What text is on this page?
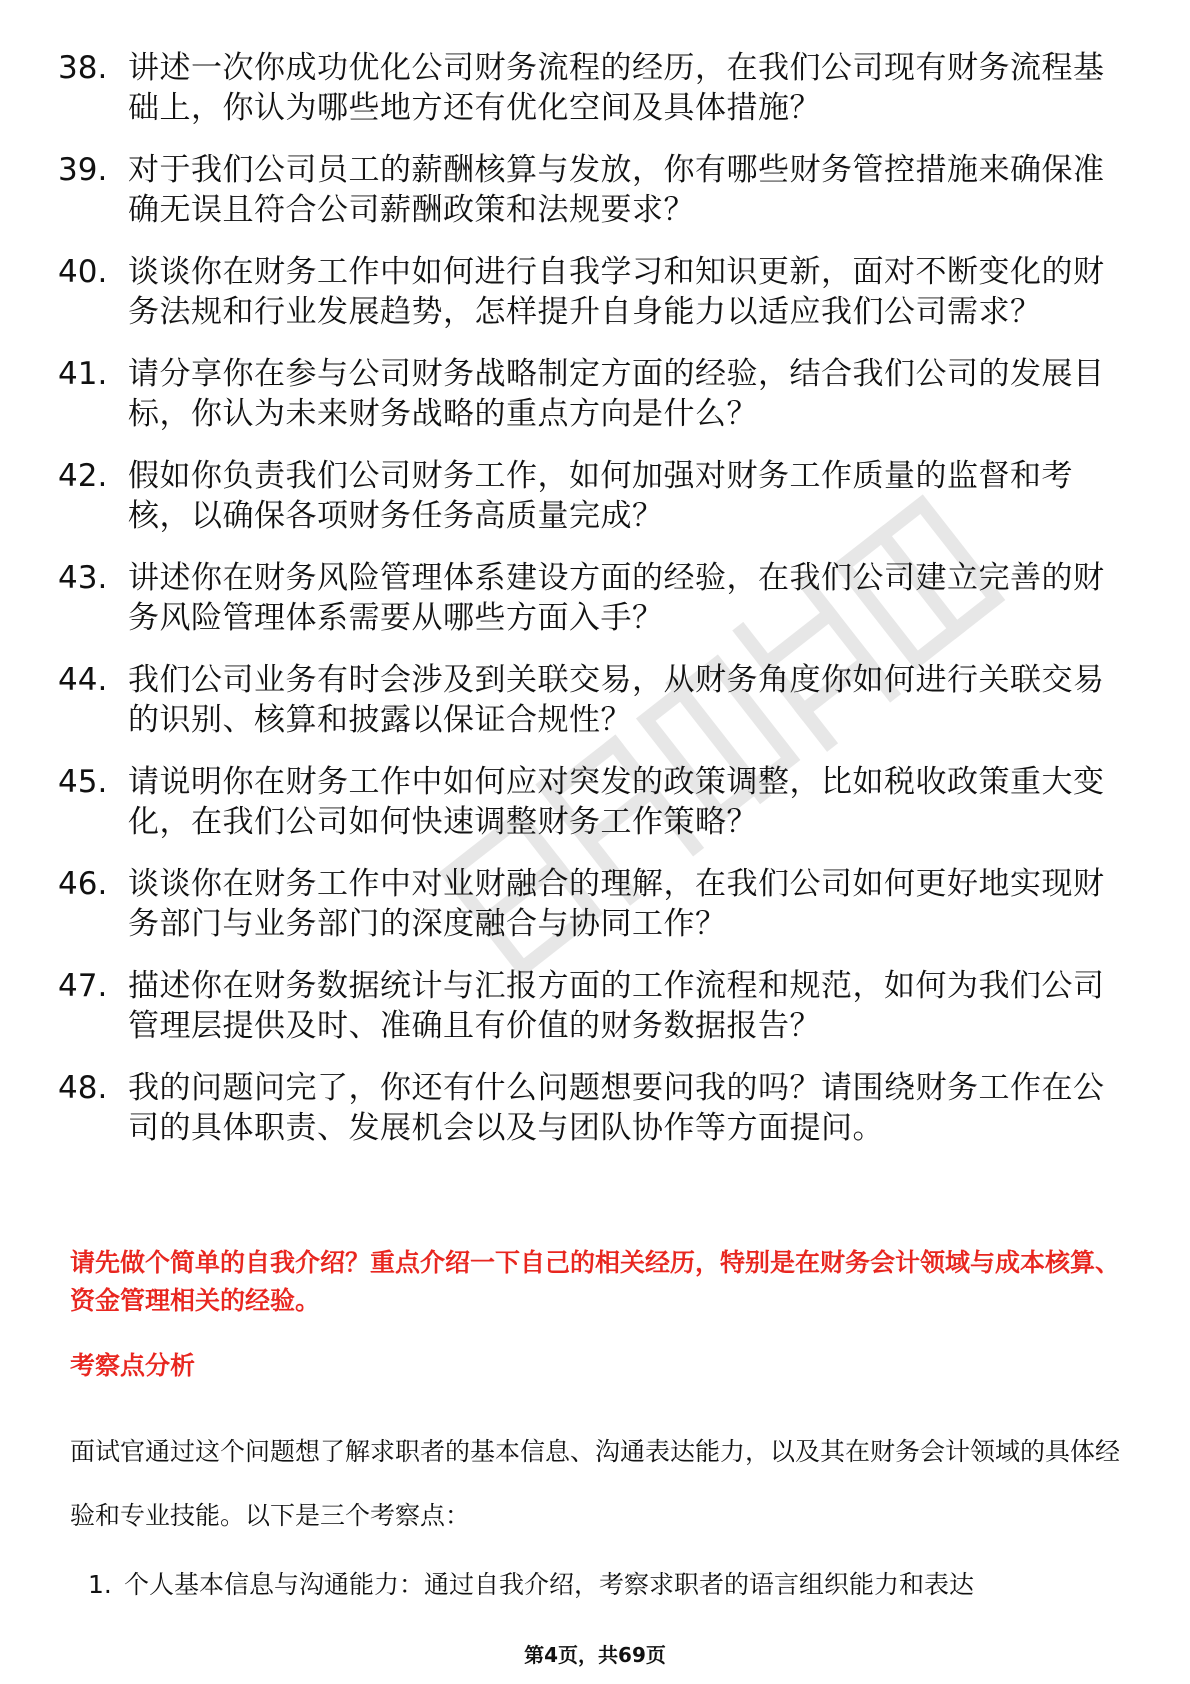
38. 讲述一次你成功优化公司财务流程的经历，在我们公司现有财务流程基础上，你认为哪些地方还有优化空间及具体措施？
39. 对于我们公司员工的薪酬核算与发放，你有哪些财务管控措施来确保准确无误且符合公司薪酬政策和法规要求？
40. 谈谈你在财务工作中如何进行自我学习和知识更新，面对不断变化的财务法规和行业发展趋势，怎样提升自身能力以适应我们公司需求？
41. 请分享你在参与公司财务战略制定方面的经验，结合我们公司的发展目标，你认为未来财务战略的重点方向是什么？
42. 假如你负责我们公司财务工作，如何加强对财务工作质量的监督和考核，以确保各项财务任务高质量完成？
43. 讲述你在财务风险管理体系建设方面的经验，在我们公司建立完善的财务风险管理体系需要从哪些方面入手？
44. 我们公司业务有时会涉及到关联交易，从财务角度你如何进行关联交易的识别、核算和披露以保证合规性？
45. 请说明你在财务工作中如何应对突发的政策调整，比如税收政策重大变化，在我们公司如何快速调整财务工作策略？
46. 谈谈你在财务工作中对业财融合的理解，在我们公司如何更好地实现财务部门与业务部门的深度融合与协同工作？
47. 描述你在财务数据统计与汇报方面的工作流程和规范，如何为我们公司管理层提供及时、准确且有价值的财务数据报告？
48. 我的问题问完了，你还有什么问题想要问我的吗？请围绕财务工作在公司的具体职责、发展机会以及与团队协作等方面提问。
请先做个简单的自我介绍？重点介绍一下自己的相关经历，特别是在财务会计领域与成本核算、资金管理相关的经验。
考察点分析
面试官通过这个问题想了解求职者的基本信息、沟通表达能力，以及其在财务会计领域的具体经验和专业技能。以下是三个考察点：
1. 个人基本信息与沟通能力：通过自我介绍，考察求职者的语言组织能力和表达
第4页，共69页
